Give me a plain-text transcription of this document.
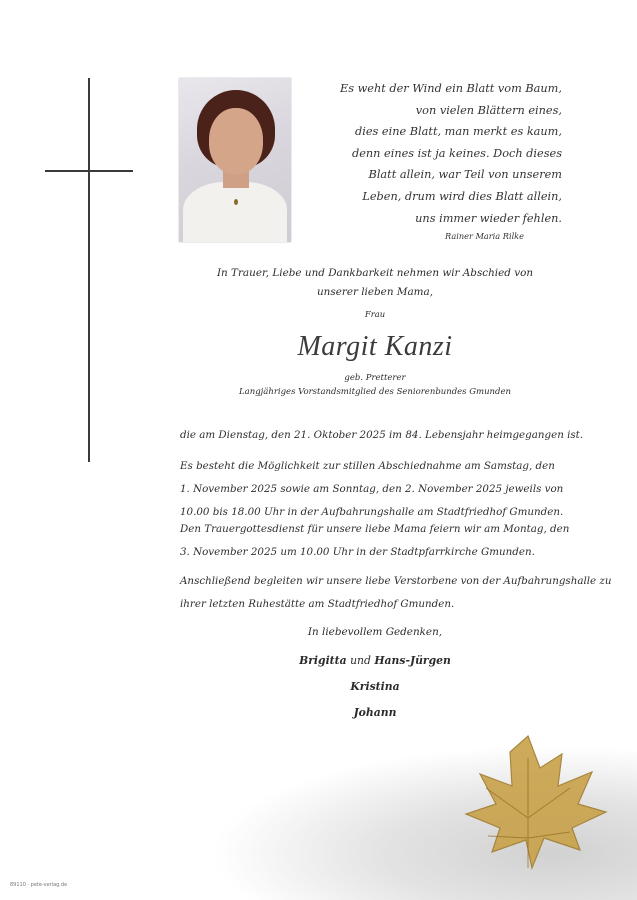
Es weht der Wind ein Blatt vom Baum,
von vielen Blättern eines,
dies eine Blatt, man merkt es kaum,
denn eines ist ja keines. Doch dieses
Blatt allein, war Teil von unserem
Leben, drum wird dies Blatt allein,
uns immer wieder fehlen.
Rainer Maria Rilke
In Trauer, Liebe und Dankbarkeit nehmen wir Abschied von
unserer lieben Mama,
Frau
Margit Kanzi
geb. Pretterer
Langjähriges Vorstandsmitglied des Seniorenbundes Gmunden

die am Dienstag, den 21. Oktober 2025 im 84. Lebensjahr heimgegangen ist.

Es besteht die Möglichkeit zur stillen Abschiednahme am Samstag, den
1. November 2025 sowie am Sonntag, den 2. November 2025 jeweils von
10.00 bis 18.00 Uhr in der Aufbahrungshalle am Stadtfriedhof Gmunden.

Den Trauergottesdienst für unsere liebe Mama feiern wir am Montag, den
3. November 2025 um 10.00 Uhr in der Stadtpfarrkirche Gmunden.

Anschließend begleiten wir unsere liebe Verstorbene von der Aufbahrungshalle zu
ihrer letzten Ruhestätte am Stadtfriedhof Gmunden.

In liebevollem Gedenken,
Brigitta und Hans-Jürgen
Kristina
Johann
89110 · pete-verlag.de
